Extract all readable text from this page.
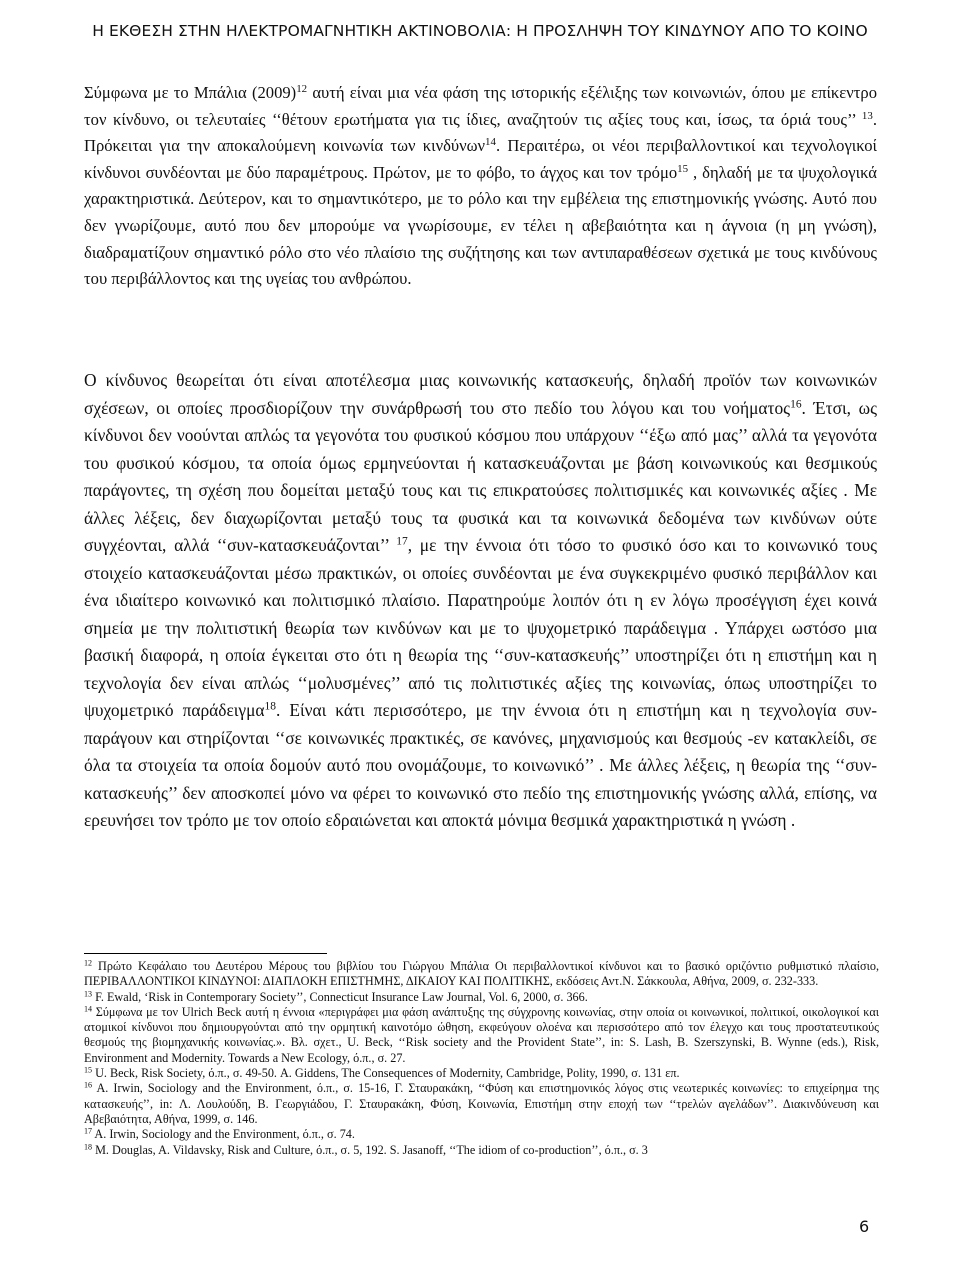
Η ΕΚΘΕΣΗ ΣΤΗΝ ΗΛΕΚΤΡΟΜΑΓΝΗΤΙΚΗ ΑΚΤΙΝΟΒΟΛΙΑ: Η ΠΡΟΣΛΗΨΗ ΤΟΥ ΚΙΝΔΥΝΟΥ ΑΠΟ ΤΟ ΚΟΙΝΟ

Σύμφωνα με το Μπάλια $(2009)^{12}$ αυτή είναι μια νέα φάση της ιστορικής εξέλιξης των κοινωνιών, όπου με επίκεντρο τον κίνδυνο, οι τελευταίες ‘‘θέτουν ερωτήματα για τις ίδιες, αναζητούν τις αξίες τους και, ίσως, τα όριά τους’’ $^{13}$. Πρόκειται για την αποκαλούμενη κοινωνία των κινδύνων$^{14}$. Περαιτέρω, οι νέοι περιβαλλοντικοί και τεχνολογικοί κίνδυνοι συνδέονται με δύο παραμέτρους. Πρώτον, με το φόβο, το άγχος και τον τρόμο$^{15}$ , δηλαδή με τα ψυχολογικά χαρακτηριστικά. Δεύτερον, και το σημαντικότερο, με το ρόλο και την εμβέλεια της επιστημονικής γνώσης. Αυτό που δεν γνωρίζουμε, αυτό που δεν μπορούμε να γνωρίσουμε, εν τέλει η αβεβαιότητα και η άγνοια (η μη γνώση), διαδραματίζουν σημαντικό ρόλο στο νέο πλαίσιο της συζήτησης και των αντιπαραθέσεων σχετικά με τους κινδύνους του περιβάλλοντος και της υγείας του ανθρώπου.

Ο κίνδυνος θεωρείται ότι είναι αποτέλεσμα μιας κοινωνικής κατασκευής, δηλαδή προϊόν των κοινωνικών σχέσεων, οι οποίες προσδιορίζουν την συνάρθρωσή του στο πεδίο του λόγου και του νοήματος$^{16}$. Έτσι, ως κίνδυνοι δεν νοούνται απλώς τα γεγονότα του φυσικού κόσμου που υπάρχουν ‘‘έξω από μας’’ αλλά τα γεγονότα του φυσικού κόσμου, τα οποία όμως ερμηνεύονται ή κατασκευάζονται με βάση κοινωνικούς και θεσμικούς παράγοντες, τη σχέση που δομείται μεταξύ τους και τις επικρατούσες πολιτισμικές και κοινωνικές αξίες . Με άλλες λέξεις, δεν διαχωρίζονται μεταξύ τους τα φυσικά και τα κοινωνικά δεδομένα των κινδύνων ούτε συγχέονται, αλλά ‘‘συν-κατασκευάζονται’’ $^{17}$, με την έννοια ότι τόσο το φυσικό όσο και το κοινωνικό τους στοιχείο κατασκευάζονται μέσω πρακτικών, οι οποίες συνδέονται με ένα συγκεκριμένο φυσικό περιβάλλον και ένα ιδιαίτερο κοινωνικό και πολιτισμικό πλαίσιο. Παρατηρούμε λοιπόν ότι η εν λόγω προσέγγιση έχει κοινά σημεία με την πολιτιστική θεωρία των κινδύνων και με το ψυχομετρικό παράδειγμα . Υπάρχει ωστόσο μια βασική διαφορά, η οποία έγκειται στο ότι η θεωρία της ‘‘συν-κατασκευής’’ υποστηρίζει ότι η επιστήμη και η τεχνολογία δεν είναι απλώς ‘‘μολυσμένες’’ από τις πολιτιστικές αξίες της κοινωνίας, όπως υποστηρίζει το ψυχομετρικό παράδειγμα$^{18}$. Είναι κάτι περισσότερο, με την έννοια ότι η επιστήμη και η τεχνολογία συν-παράγουν και στηρίζονται ‘‘σε κοινωνικές πρακτικές, σε κανόνες, μηχανισμούς και θεσμούς -εν κατακλείδι, σε όλα τα στοιχεία τα οποία δομούν αυτό που ονομάζουμε, το κοινωνικό’’ . Με άλλες λέξεις, η θεωρία της ‘‘συν-κατασκευής’’ δεν αποσκοπεί μόνο να φέρει το κοινωνικό στο πεδίο της επιστημονικής γνώσης αλλά, επίσης, να ερευνήσει τον τρόπο με τον οποίο εδραιώνεται και αποκτά μόνιμα θεσμικά χαρακτηριστικά η γνώση .

$^{12}$ Πρώτο Κεφάλαιο του Δευτέρου Μέρους του βιβλίου του Γιώργου Μπάλια Οι περιβαλλοντικοί κίνδυνοι και το βασικό οριζόντιο ρυθμιστικό πλαίσιο, ΠΕΡΙΒΑΛΛΟΝΤΙΚΟΙ ΚΙΝΔΥΝΟΙ: ΔΙΑΠΛΟΚΗ ΕΠΙΣΤΗΜΗΣ, ΔΙΚΑΙΟΥ ΚΑΙ ΠΟΛΙΤΙΚΗΣ, εκδόσεις Αντ.Ν. Σάκκουλα, Αθήνα, 2009, σ. 232-333.

$^{13}$ F. Ewald, ‘Risk in Contemporary Society’’, Connecticut Insurance Law Journal, Vol. 6, 2000, σ. 366.

$^{14}$ Σύμφωνα με τον Ulrich Beck αυτή η έννοια «περιγράφει μια φάση ανάπτυξης της σύγχρονης κοινωνίας, στην οποία οι κοινωνικοί, πολιτικοί, οικολογικοί και ατομικοί κίνδυνοι που δημιουργούνται από την ορμητική καινοτόμο ώθηση, εκφεύγουν ολοένα και περισσότερο από τον έλεγχο και τους προστατευτικούς θεσμούς της βιομηχανικής κοινωνίας.». Βλ. σχετ., U. Beck, ‘‘Risk society and the Provident State’’, in: S. Lash, B. Szerszynski, B. Wynne (eds.), Risk, Environment and Modernity. Towards a New Ecology, ό.π., σ. 27.

$^{15}$ U. Beck, Risk Society, ό.π., σ. 49-50. A. Giddens, The Consequences of Modernity, Cambridge, Polity, 1990, σ. 131 επ.

$^{16}$ A. Irwin, Sociology and the Environment, ό.π., σ. 15-16, Γ. Σταυρακάκη, ‘‘Φύση και επιστημονικός λόγος στις νεωτερικές κοινωνίες: το επιχείρημα της κατασκευής’’, in: Λ. Λουλούδη, Β. Γεωργιάδου, Γ. Σταυρακάκη, Φύση, Κοινωνία, Επιστήμη στην εποχή των ‘‘τρελών αγελάδων’’. Διακινδύνευση και Αβεβαιότητα, Αθήνα, 1999, σ. 146.

$^{17}$ A. Irwin, Sociology and the Environment, ό.π., σ. 74.

$^{18}$ M. Douglas, A. Vildavsky, Risk and Culture, ό.π., σ. 5, 192. S. Jasanoff, ‘‘The idiom of co-production’’, ό.π., σ. 3

6
